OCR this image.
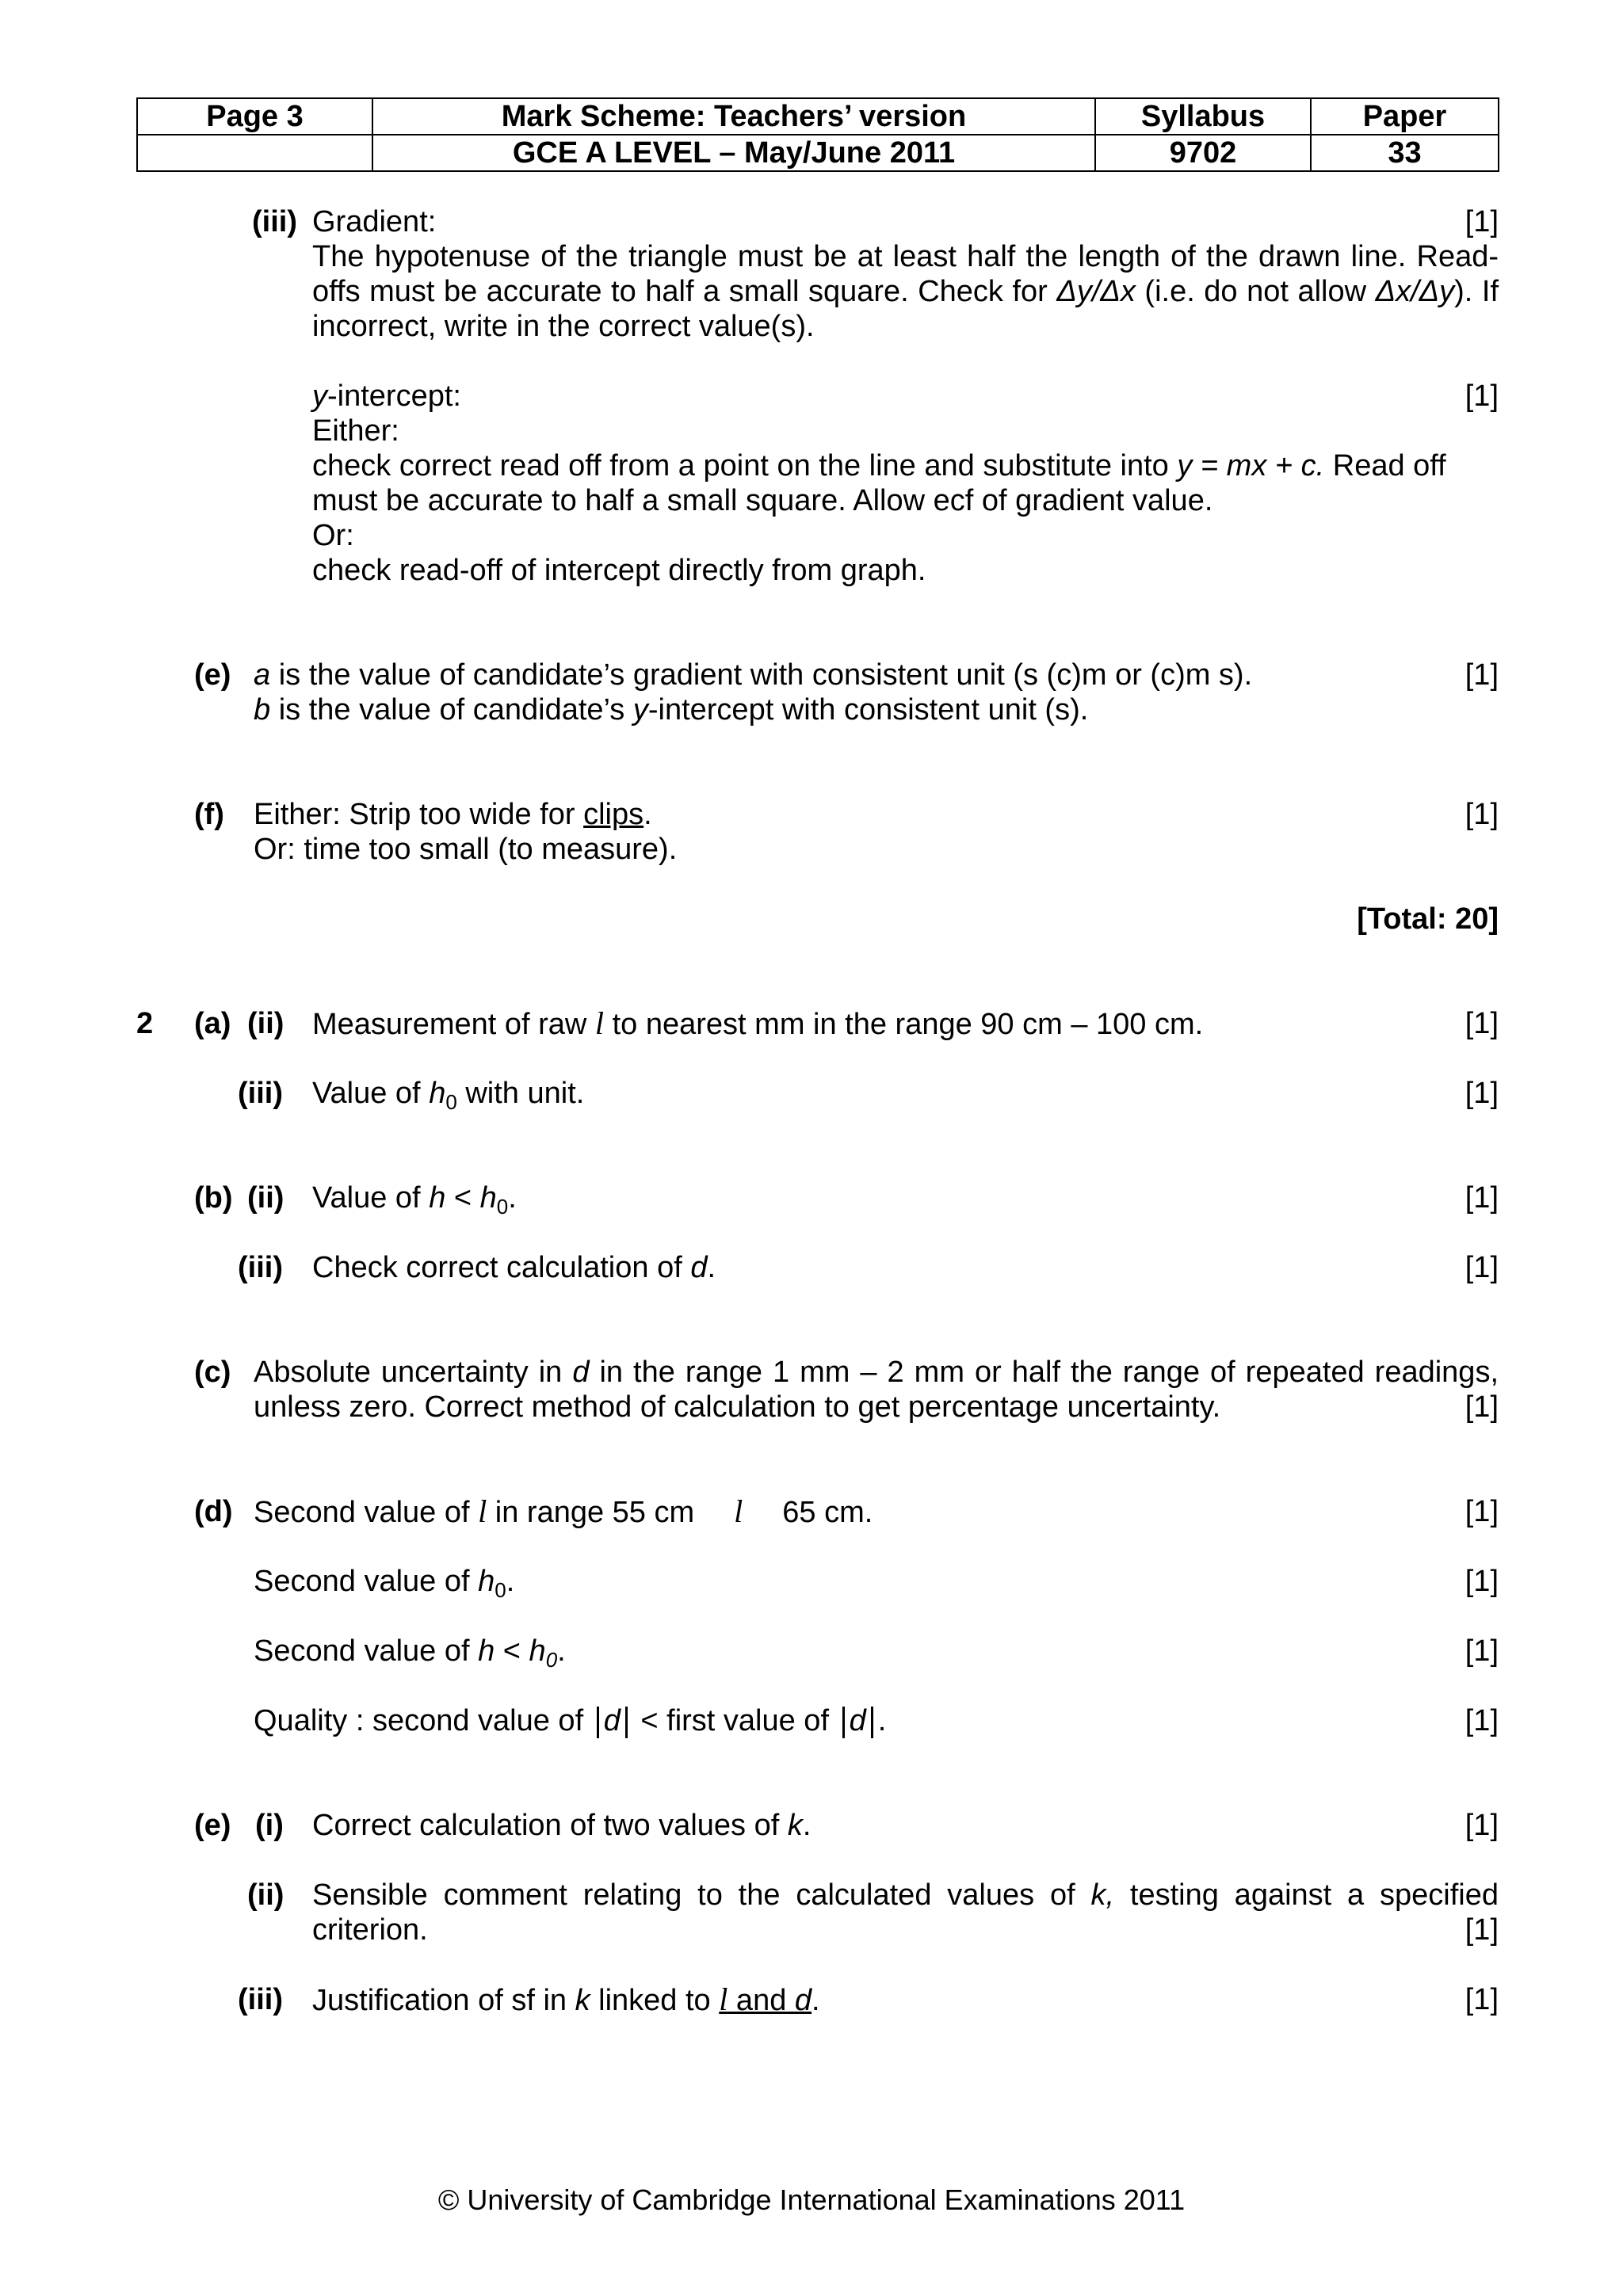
Page 3	Mark Scheme: Teachers’ version	Syllabus	Paper
	GCE A LEVEL – May/June 2011	9702	33
(iii) Gradient:	[1]
The hypotenuse of the triangle must be at least half the length of the drawn line. Read-
offs must be accurate to half a small square. Check for Δy/Δx (i.e. do not allow Δx/Δy). If
incorrect, write in the correct value(s).
y-intercept:	[1]
Either:
check correct read off from a point on the line and substitute into y = mx + c. Read off
must be accurate to half a small square. Allow ecf of gradient value.
Or:
check read-off of intercept directly from graph.
(e) a is the value of candidate’s gradient with consistent unit (s (c)m or (c)m s).	[1]
b is the value of candidate’s y-intercept with consistent unit (s).
(f) Either: Strip too wide for clips.	[1]
Or: time too small (to measure).
[Total: 20]
2 (a) (ii) Measurement of raw l to nearest mm in the range 90 cm – 100 cm.	[1]
(iii) Value of $h_0$ with unit.	[1]
(b) (ii) Value of $h < h_0$.	[1]
(iii) Check correct calculation of d.	[1]
(c) Absolute uncertainty in d in the range 1 mm – 2 mm or half the range of repeated readings,
unless zero. Correct method of calculation to get percentage uncertainty.	[1]
(d) Second value of l in range 55 cm l 65 cm.	[1]
Second value of $h_0$.	[1]
Second value of $h < h_0$.	[1]
Quality : second value of d < first value of d .	[1]
(e) (i) Correct calculation of two values of k.	[1]
(ii) Sensible comment relating to the calculated values of k, testing against a specified
criterion.	[1]
(iii) Justification of sf in k linked to l and d.	[1]
© University of Cambridge International Examinations 2011
